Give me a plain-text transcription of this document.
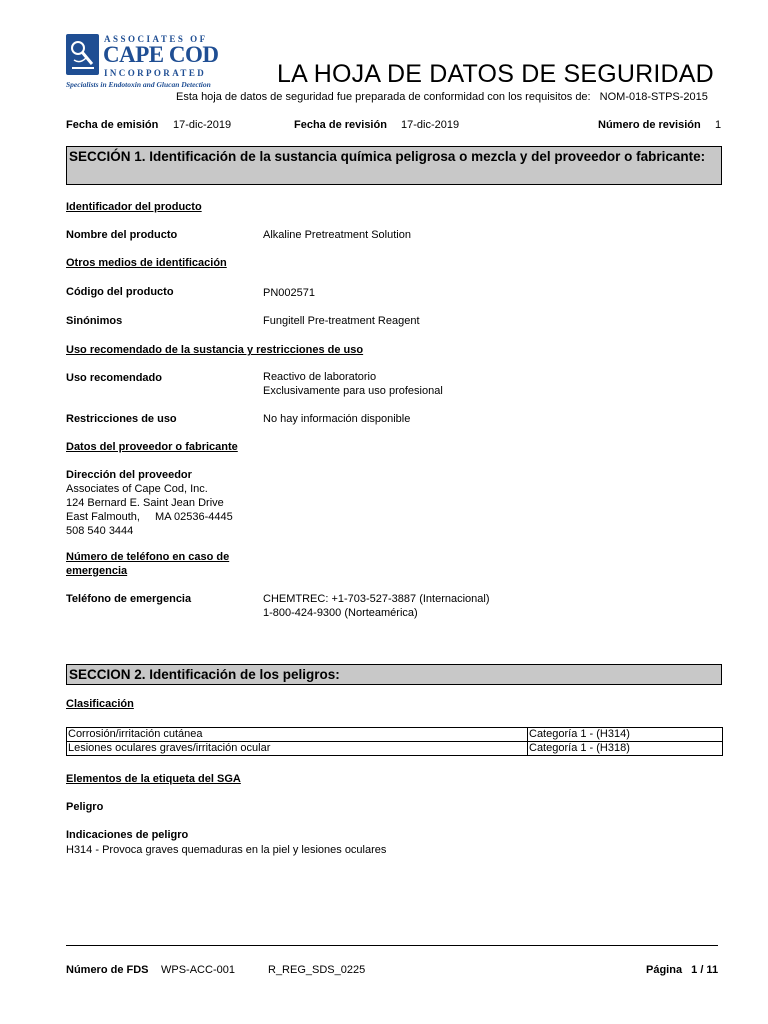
ASSOCIATES OF
CAPE COD
INCORPORATED
Specialists in Endotoxin and Glucan Detection	LA HOJA DE DATOS DE SEGURIDAD
Esta hoja de datos de seguridad fue preparada de conformidad con los requisitos de: NOM-018-STPS-2015
Fecha de emisión 17-dic-2019	Fecha de revisión 17-dic-2019	Número de revisión 1
SECCIÓN 1. Identificación de la sustancia química peligrosa o mezcla y del proveedor o fabricante:
Identificador del producto
Nombre del producto	Alkaline Pretreatment Solution
Otros medios de identificación
Código del producto	PN002571
Sinónimos	Fungitell Pre-treatment Reagent
Uso recomendado de la sustancia y restricciones de uso
Uso recomendado	Reactivo de laboratorio
Exclusivamente para uso profesional
Restricciones de uso	No hay información disponible
Datos del proveedor o fabricante
Dirección del proveedor
Associates of Cape Cod, Inc.
124 Bernard E. Saint Jean Drive
East Falmouth, MA 02536-4445
508 540 3444
Número de teléfono en caso de
emergencia
Teléfono de emergencia	CHEMTREC: +1-703-527-3887 (Internacional)
1-800-424-9300 (Norteamérica)
SECCION 2. Identificación de los peligros:
Clasificación
Corrosión/irritación cutánea	Categoría 1 - (H314)
Lesiones oculares graves/irritación ocular	Categoría 1 - (H318)
Elementos de la etiqueta del SGA
Peligro
Indicaciones de peligro
H314 - Provoca graves quemaduras en la piel y lesiones oculares
Número de FDS WPS-ACC-001	R_REG_SDS_0225	Página 1 / 11
